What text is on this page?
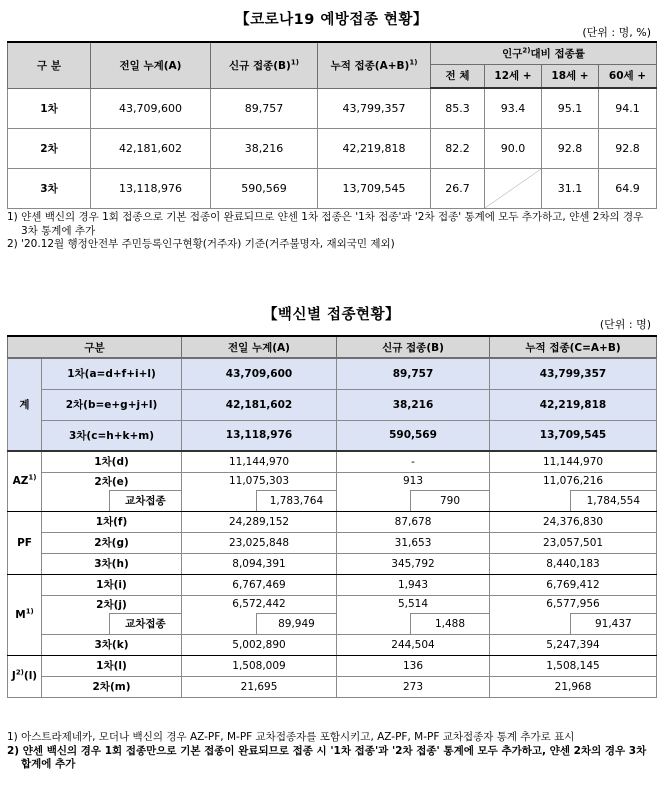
【코로나19 예방접종 현황】
(단위 : 명, %)
구 분	전일 누계(A)	신규 접종$(B)^{1)}$	누적 접종$(A+B)^{1)}$	인구$^{2)}$대비 접종률			
				전 체	12세 +	18세 +	60세 +
1차	43,709,600	89,757	43,799,357	85.3	93.4	95.1	94.1
2차	42,181,602	38,216	42,219,818	82.2	90.0	92.8	92.8
3차	13,118,976	590,569	13,709,545	26.7		31.1	64.9
1) 얀센 백신의 경우 1회 접종으로 기본 접종이 완료되므로 얀센 1차 접종은 '1차 접종'과 '2차 접종' 통계에 모두 추가하고, 얀센 2차의 경우 3차 통계에 추가
2) '20.12월 행정안전부 주민등록인구현황(거주자) 기준(거주불명자, 재외국민 제외)
【백신별 접종현황】
(단위 : 명)
구분		전일 누계(A)	신규 접종(B)	누적 접종(C=A+B)
계	1차(a=d+f+i+l)	43,709,600	89,757	43,799,357
	2차(b=e+g+j+l)	42,181,602	38,216	42,219,818
	3차(c=h+k+m)	13,118,976	590,569	13,709,545
AZ$^{1)}$	1차(d)	11,144,970	-	11,144,970
	2차(e)	11,075,303	913	11,076,216

교차접종	1,783,764	790	1,784,554

PF	1차(f)	24,289,152	87,678	24,376,830
	2차(g)	23,025,848	31,653	23,057,501
	3차(h)	8,094,391	345,792	8,440,183
$M^{1)}$	1차(i)	6,767,469	1,943	6,769,412
	2차(j)	6,572,442	5,514	6,577,956

교차접종	89,949	1,488	91,437

	3차(k)	5,002,890	244,504	5,247,394
$J^{2)}(l)$	1차(l)	1,508,009	136	1,508,145
	2차(m)	21,695	273	21,968
1) 아스트라제네카, 모더나 백신의 경우 AZ-PF, M-PF 교차접종자를 포함시키고, AZ-PF, M-PF 교차접종자 통계 추가로 표시
2) 얀센 백신의 경우 1회 접종만으로 기본 접종이 완료되므로 접종 시 '1차 접종'과 '2차 접종' 통계에 모두 추가하고, 얀센 2차의 경우 3차 합계에 추가
